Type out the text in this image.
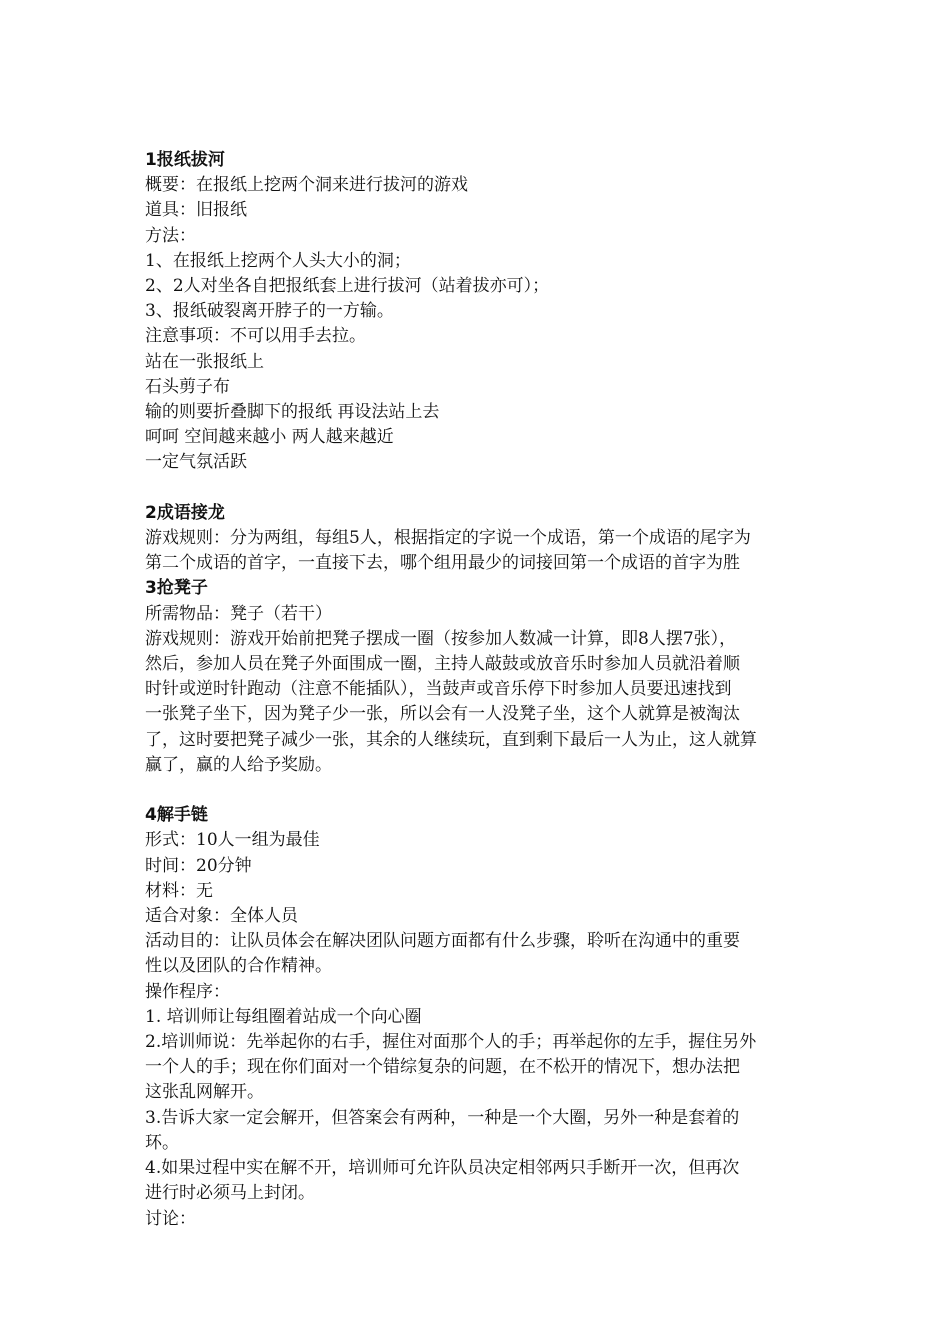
1报纸拔河
概要：在报纸上挖两个洞来进行拔河的游戏
道具：旧报纸
方法：
1、在报纸上挖两个人头大小的洞；
2、2人对坐各自把报纸套上进行拔河（站着拔亦可）；
3、报纸破裂离开脖子的一方输。
注意事项：不可以用手去拉。
站在一张报纸上
石头剪子布
输的则要折叠脚下的报纸 再设法站上去
呵呵 空间越来越小 两人越来越近
一定气氛活跃
2成语接龙
游戏规则：分为两组，每组5人，根据指定的字说一个成语，第一个成语的尾字为
第二个成语的首字，一直接下去，哪个组用最少的词接回第一个成语的首字为胜
3抢凳子
所需物品：凳子（若干）
游戏规则：游戏开始前把凳子摆成一圈（按参加人数减一计算，即8人摆7张），
然后，参加人员在凳子外面围成一圈，主持人敲鼓或放音乐时参加人员就沿着顺
时针或逆时针跑动（注意不能插队），当鼓声或音乐停下时参加人员要迅速找到
一张凳子坐下，因为凳子少一张，所以会有一人没凳子坐，这个人就算是被淘汰
了，这时要把凳子减少一张，其余的人继续玩，直到剩下最后一人为止，这人就算
赢了，赢的人给予奖励。
4解手链
形式：10人一组为最佳
时间：20分钟
材料：无
适合对象：全体人员
活动目的：让队员体会在解决团队问题方面都有什么步骤，聆听在沟通中的重要
性以及团队的合作精神。
操作程序：
1. 培训师让每组圈着站成一个向心圈
2.培训师说：先举起你的右手，握住对面那个人的手；再举起你的左手，握住另外
一个人的手；现在你们面对一个错综复杂的问题，在不松开的情况下，想办法把
这张乱网解开。
3.告诉大家一定会解开，但答案会有两种，一种是一个大圈，另外一种是套着的
环。
4.如果过程中实在解不开，培训师可允许队员决定相邻两只手断开一次，但再次
进行时必须马上封闭。
讨论：
